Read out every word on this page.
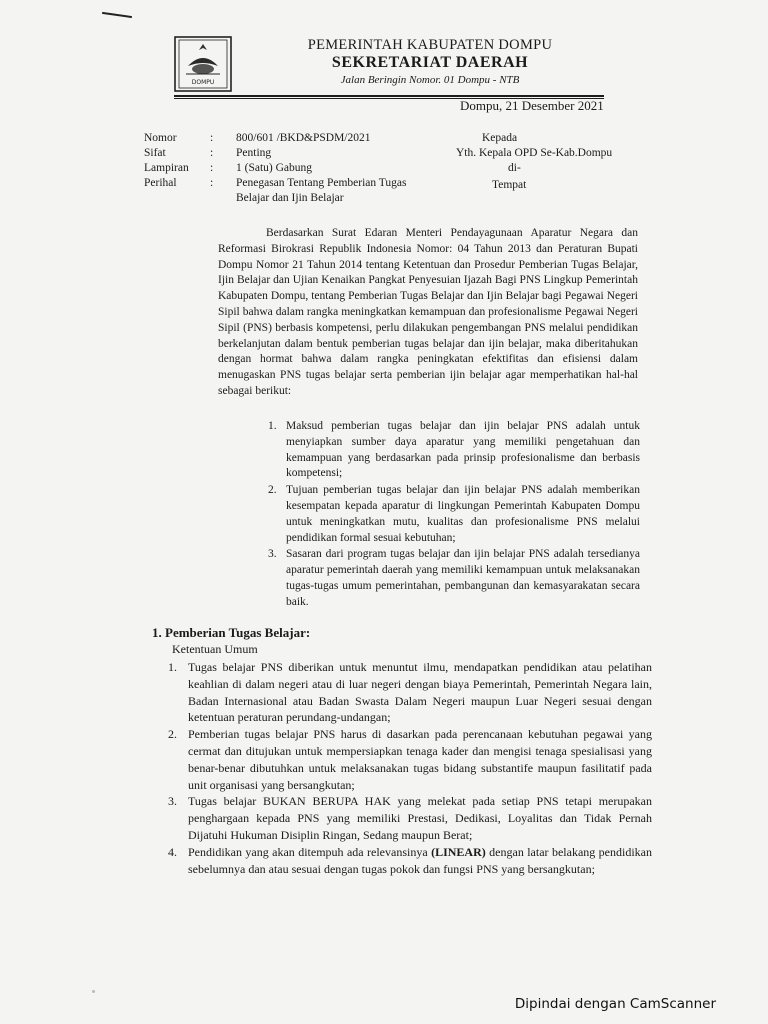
DOMPU
PEMERINTAH KABUPATEN DOMPU
SEKRETARIAT DAERAH
Jalan Beringin Nomor. 01 Dompu - NTB
Dompu, 21 Desember 2021
Nomor	:	800/601 /BKD&PSDM/2021
Sifat	:	Penting
Lampiran	:	1 (Satu) Gabung
Perihal	:	Penegasan Tentang Pemberian Tugas Belajar dan Ijin Belajar
Kepada
Yth. Kepala OPD Se-Kab.Dompu
di-
Tempat

Berdasarkan Surat Edaran Menteri Pendayagunaan Aparatur Negara dan Reformasi Birokrasi Republik Indonesia Nomor: 04 Tahun 2013 dan Peraturan Bupati Dompu Nomor 21 Tahun 2014 tentang Ketentuan dan Prosedur Pemberian Tugas Belajar, Ijin Belajar dan Ujian Kenaikan Pangkat Penyesuian Ijazah Bagi PNS Lingkup Pemerintah Kabupaten Dompu, tentang Pemberian Tugas Belajar dan Ijin Belajar bagi Pegawai Negeri Sipil bahwa dalam rangka meningkatkan kemampuan dan profesionalisme Pegawai Negeri Sipil (PNS) berbasis kompetensi, perlu dilakukan pengembangan PNS melalui pendidikan berkelanjutan dalam bentuk pemberian tugas belajar dan ijin belajar, maka diberitahukan dengan hormat bahwa dalam rangka peningkatan efektifitas dan efisiensi dalam menugaskan PNS tugas belajar serta pemberian ijin belajar agar memperhatikan hal-hal sebagai berikut:

1. Maksud pemberian tugas belajar dan ijin belajar PNS adalah untuk menyiapkan sumber daya aparatur yang memiliki pengetahuan dan kemampuan yang berdasarkan pada prinsip profesionalisme dan berbasis kompetensi;
2. Tujuan pemberian tugas belajar dan ijin belajar PNS adalah memberikan kesempatan kepada aparatur di lingkungan Pemerintah Kabupaten Dompu untuk meningkatkan mutu, kualitas dan profesionalisme PNS melalui pendidikan formal sesuai kebutuhan;
3. Sasaran dari program tugas belajar dan ijin belajar PNS adalah tersedianya aparatur pemerintah daerah yang memiliki kemampuan untuk melaksanakan tugas-tugas umum pemerintahan, pembangunan dan kemasyarakatan secara baik.
1. Pemberian Tugas Belajar:
Ketentuan Umum
1. Tugas belajar PNS diberikan untuk menuntut ilmu, mendapatkan pendidikan atau pelatihan keahlian di dalam negeri atau di luar negeri dengan biaya Pemerintah, Pemerintah Negara lain, Badan Internasional atau Badan Swasta Dalam Negeri maupun Luar Negeri sesuai dengan ketentuan peraturan perundang-undangan;
2. Pemberian tugas belajar PNS harus di dasarkan pada perencanaan kebutuhan pegawai yang cermat dan ditujukan untuk mempersiapkan tenaga kader dan mengisi tenaga spesialisasi yang benar-benar dibutuhkan untuk melaksanakan tugas bidang substantife maupun fasilitatif pada unit organisasi yang bersangkutan;
3. Tugas belajar BUKAN BERUPA HAK yang melekat pada setiap PNS tetapi merupakan penghargaan kepada PNS yang memiliki Prestasi, Dedikasi, Loyalitas dan Tidak Pernah Dijatuhi Hukuman Disiplin Ringan, Sedang maupun Berat;
4. Pendidikan yang akan ditempuh ada relevansinya (LINEAR) dengan latar belakang pendidikan sebelumnya dan atau sesuai dengan tugas pokok dan fungsi PNS yang bersangkutan;
Dipindai dengan CamScanner
